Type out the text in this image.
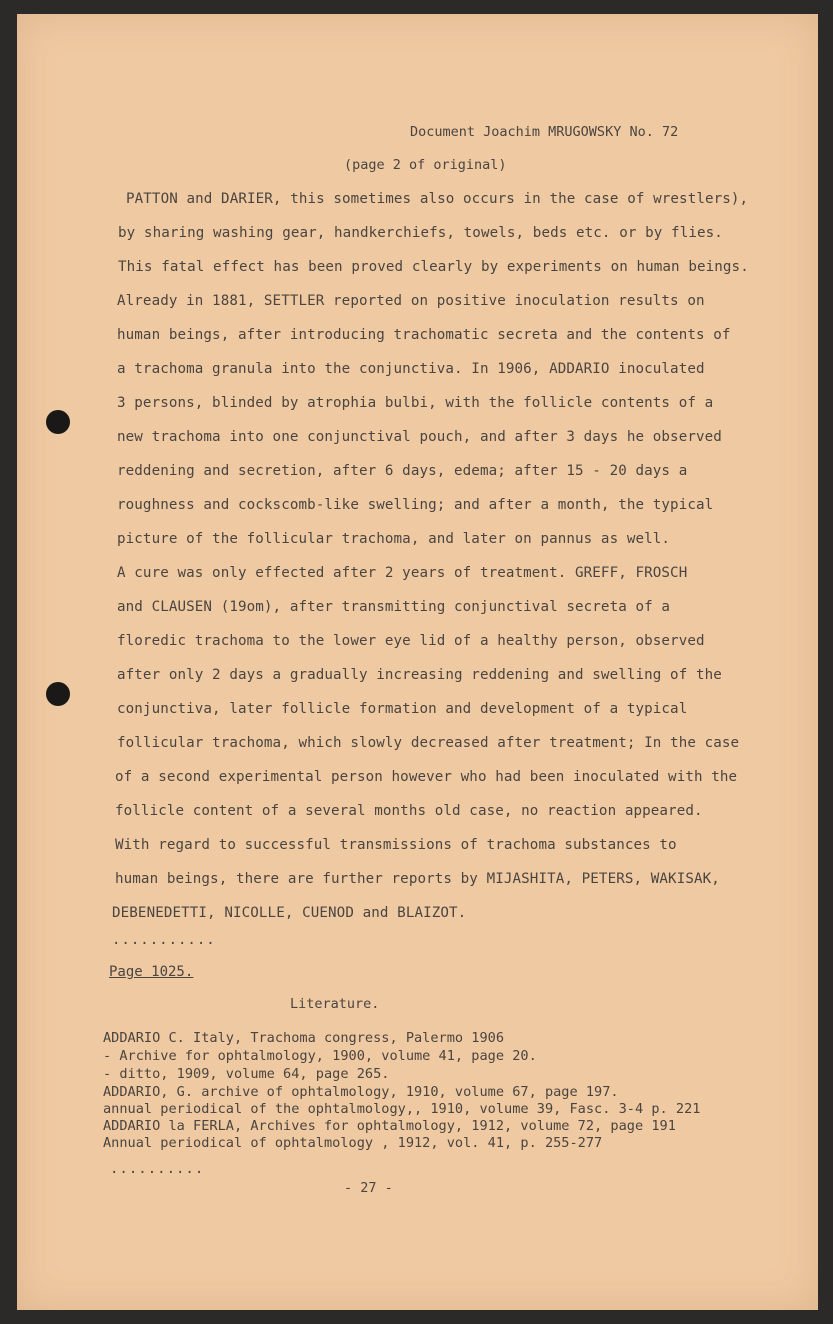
Document Joachim MRUGOWSKY No. 72

(page 2 of original)

PATTON and DARIER, this sometimes also occurs in the case of wrestlers),

by sharing washing gear, handkerchiefs, towels, beds etc. or by flies.

This fatal effect has been proved clearly by experiments on human beings.

Already in 1881, SETTLER reported on positive inoculation results on

human beings, after introducing trachomatic secreta and the contents of

a trachoma granula into the conjunctiva. In 1906, ADDARIO inoculated

3 persons, blinded by atrophia bulbi, with the follicle contents of a

new trachoma into one conjunctival pouch, and after 3 days he observed

reddening and secretion, after 6 days, edema; after 15 - 20 days a

roughness and cockscomb-like swelling; and after a month, the typical

picture of the follicular trachoma, and later on pannus as well.

A cure was only effected after 2 years of treatment. GREFF, FROSCH

and CLAUSEN (19om), after transmitting conjunctival secreta of a

floredic trachoma to the lower eye lid of a healthy person, observed

after only 2 days a gradually increasing reddening and swelling of the

conjunctiva, later follicle formation and development of a typical

follicular trachoma, which slowly decreased after treatment; In the case

of a second experimental person however who had been inoculated with the

follicle content of a several months old case, no reaction appeared.

With regard to successful transmissions of trachoma substances to

human beings, there are further reports by MIJASHITA, PETERS, WAKISAK,

DEBENEDETTI, NICOLLE, CUENOD and BLAIZOT.

...........

Page 1025.

Literature.

ADDARIO C. Italy, Trachoma congress, Palermo 1906

- Archive for ophtalmology, 1900, volume 41, page 20.

- ditto, 1909, volume 64, page 265.

ADDARIO, G. archive of ophtalmology, 1910, volume 67, page 197.

annual periodical of the ophtalmology,, 1910, volume 39, Fasc. 3-4 p. 221

ADDARIO la FERLA, Archives for ophtalmology, 1912, volume 72, page 191

Annual periodical of ophtalmology , 1912, vol. 41, p. 255-277

..........

- 27 -
